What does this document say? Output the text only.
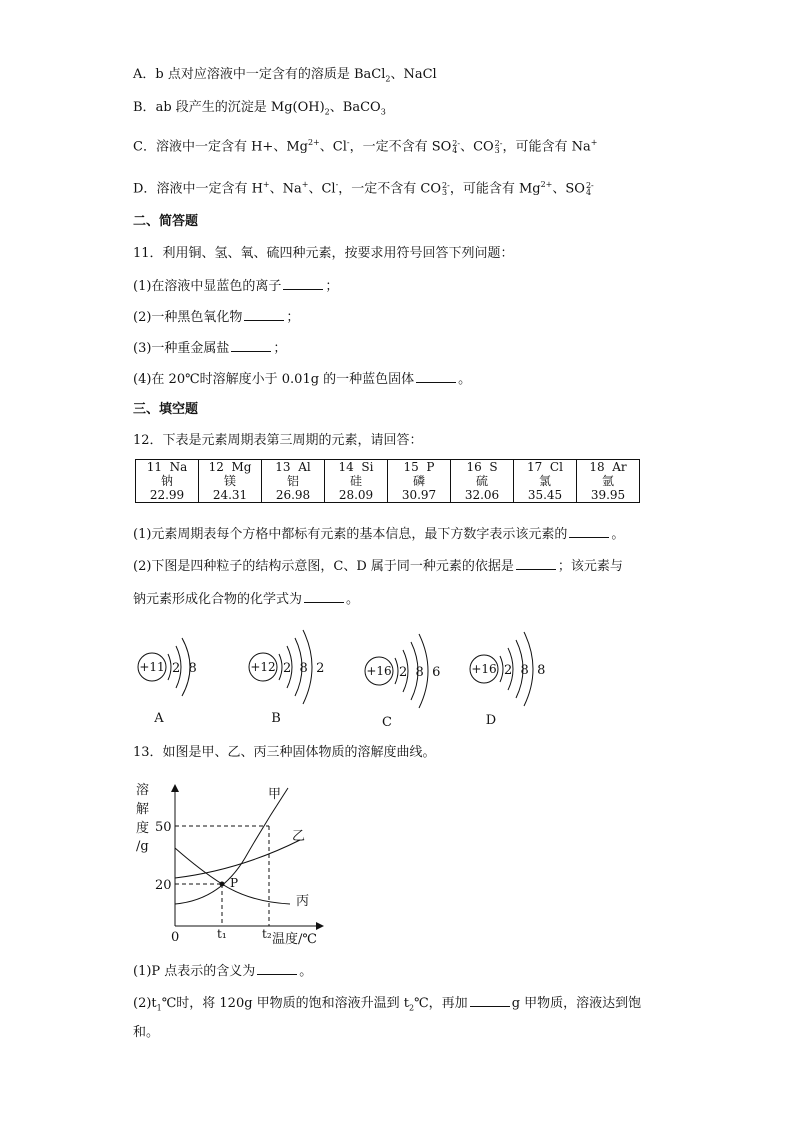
A．b 点对应溶液中一定含有的溶质是 BaCl$_2$、NaCl
B．ab 段产生的沉淀是 $Mg(OH)_2$、BaCO$_3$
C．溶液中一定含有 H+、$Mg^{2+}$、Cl-，一定不含有 SO2-
4 、CO2-
3 ，可能含有 Na+
D．溶液中一定含有 H+、Na+、Cl-，一定不含有 CO2-
3 ，可能含有 $Mg^{2+}$、SO2-
4
二、简答题
11．利用铜、氢、氧、硫四种元素，按要求用符号回答下列问题：
(1)在溶液中显蓝色的离子	；
(2)一种黑色氧化物	；
(3)一种重金属盐	；
(4)在 20℃时溶解度小于 0.01g 的一种蓝色固体	。
三、填空题
12．下表是元素周期表第三周期的元素，请回答：
11  Na
钠
22.99

12  Mg
镁
24.31

13  Al
铝
26.98

14  Si
硅
28.09

15  P
磷
30.97

16  S
硫
32.06

17  Cl
氯
35.45

18  Ar
氩
39.95
(1)元素周期表每个方格中都标有元素的基本信息，最下方数字表示该元素的	。
(2)下图是四种粒子的结构示意图，C、D 属于同一种元素的依据是	；该元素与
钠元素形成化合物的化学式为	。
+11 2  8
A
+12 2  8  2
B
+16 2  8  6
C
+16 2  8  8
D
13．如图是甲、乙、丙三种固体物质的溶解度曲线。
溶
解
度
/g
50
20
0	t₁	t₂ 温度/℃
P
甲
乙
丙
(1)P 点表示的含义为	。
$(2)t_1℃$时，将 120g 甲物质的饱和溶液升温到 $t_2℃$，再加	g 甲物质，溶液达到饱
和。
